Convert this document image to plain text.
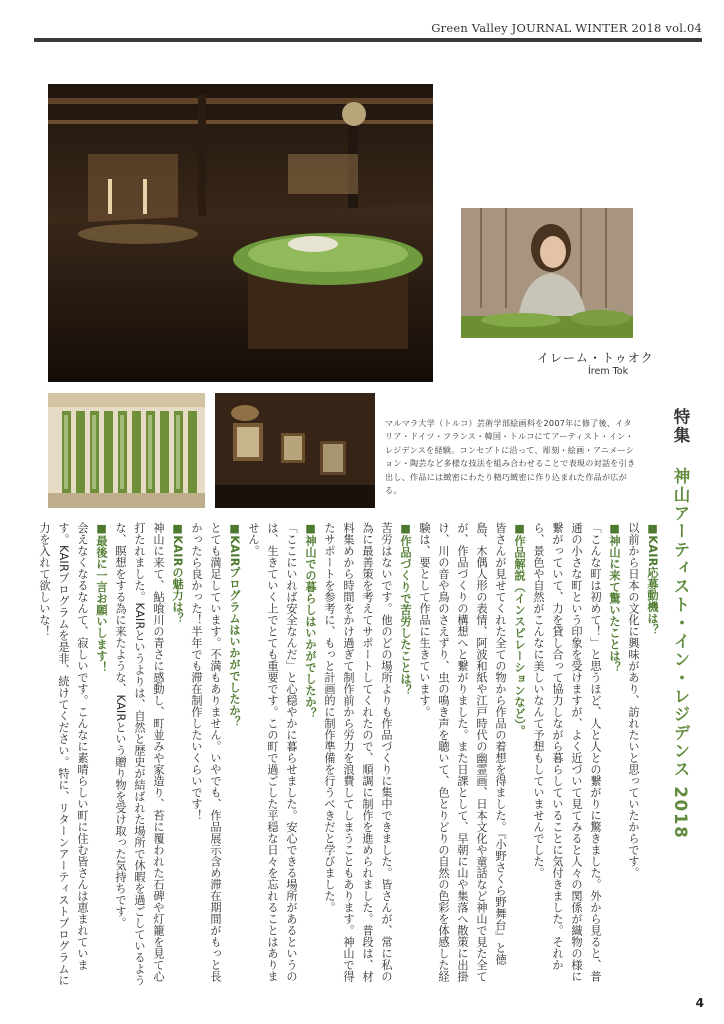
Green Valley JOURNAL WINTER 2018 vol.04
イレーム・トゥオク
İrem Tok
マルマラ大学（トルコ）芸術学部絵画科を2007年に修了後、イタリア・ドイツ・フランス・韓国・トルコにてアーティスト・イン・レジデンスを経験。コンセプトに沿って、彫刻・絵画・アニメーション・陶芸など多様な技法を組み合わせることで表現の対話を引き出し、作品には緻密にわたり精巧緻密に作り込まれた作品が広がる。
特集  神山アーティスト・イン・レジデンス 2018

■ KAIR応募動機は？

以前から日本の文化に興味があり、訪れたいと思っていたからです。

■ 神山に来て驚いたことは？

「こんな町は初めて！」と思うほど、人と人との繋がりに驚きました。外から見ると、普通の小さな町という印象を受けますが、よく近づいて見てみると人々の関係が織物の様に繋がっていて、力を貸し合って協力しながら暮らしていることに気付きました。それから、景色や自然がこんなに美しいなんて予想もしていませんでした。

■ 作品解説（インスピレーションなど）。

皆さんが見せてくれた全ての物から作品の着想を得ました。『小野さくら野舞台』と徳島、木偶人形の表情、阿波和紙や江戸時代の幽霊画、日本文化や童話など神山で見た全てが、作品づくりの構想へと繋がりました。また日課として、早朝に山や集落へ散策に出掛け、川の音や鳥のさえずり、虫の鳴き声を聴いて、色とりどりの自然の色彩を体感した経験は、要として作品に生きています。

■ 作品づくりで苦労したことは？

苦労はないです。他のどの場所よりも作品づくりに集中できました。皆さんが、常に私の為に最善策を考えてサポートしてくれたので、順調に制作を進められました。普段は、材料集めから時間をかけ過ぎて制作前から労力を浪費してしまうこともあります。神山で得たサポートを参考に、もっと計画的に制作準備を行うべきだと学びました。

■ 神山での暮らしはいかがでしたか？

「ここにいれば安全なんだ」と心穏やかに暮らせました。安心できる場所があるというのは、生きていく上でとても重要です。この町で過ごした平穏な日々を忘れることはありません。

■ KAIRプログラムはいかがでしたか？

とても満足しています。不満もありません。いやでも、作品展示含め滞在期間がもっと長かったら良かった！半年でも滞在制作したいくらいです！

■ KAIRの魅力は？

神山に来て、鮎喰川の青さに感動し、町並みや家造り、苔に覆われた石碑や灯籠を見て心打たれました。KAIRというよりは、自然と歴史が結ばれた場所で休暇を過ごしているような、瞑想をする為に来たような、KAIRという贈り物を受け取った気持ちです。

■ 最後に一言お願いします！

会えなくなるなんて、寂しいです。こんなに素晴らしい町に住む皆さんは恵まれています。KAIRプログラムを是非、続けてください。特に、リターンアーティストプログラムに力を入れて欲しいな！

4
